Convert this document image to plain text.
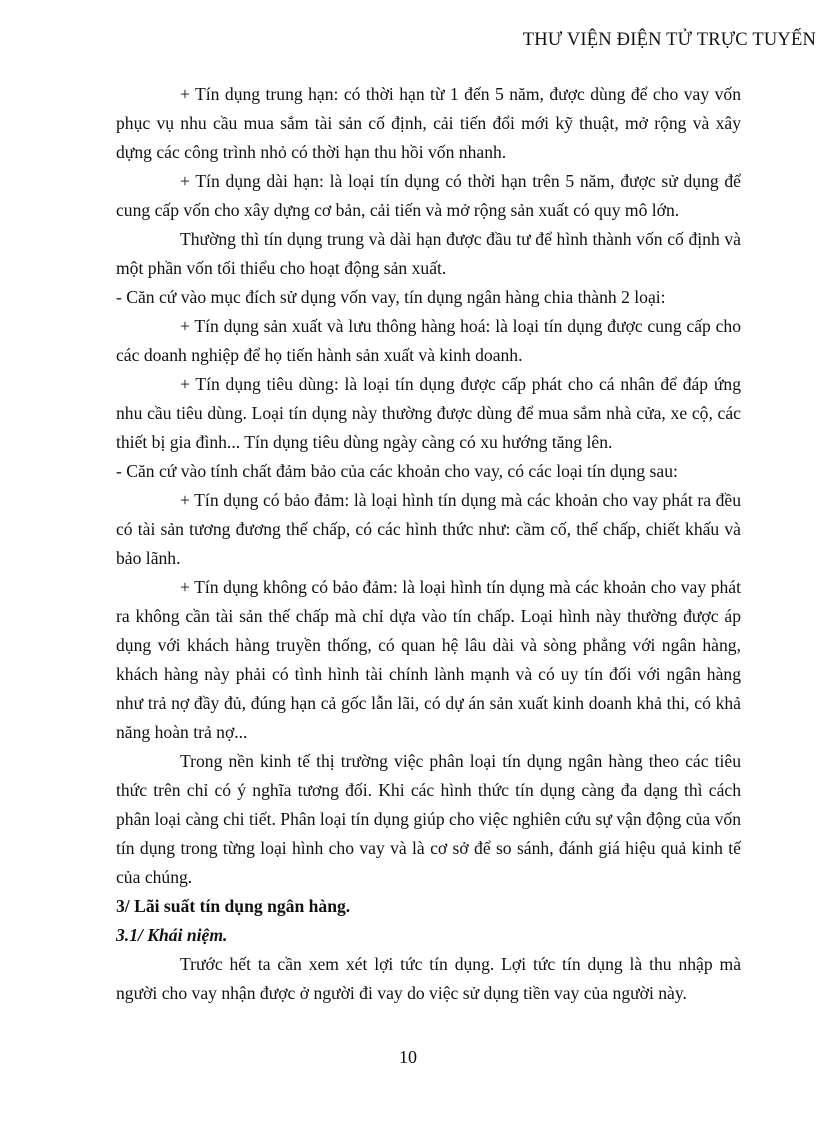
THƯ VIỆN ĐIỆN TỬ TRỰC TUYẾN

+ Tín dụng trung hạn: có thời hạn từ 1 đến 5 năm, được dùng để cho vay vốn phục vụ nhu cầu mua sắm tài sản cố định, cải tiến đổi mới kỹ thuật, mở rộng và xây dựng các công trình nhỏ có thời hạn thu hồi vốn nhanh.

+ Tín dụng dài hạn: là loại tín dụng có thời hạn trên 5 năm, được sử dụng để cung cấp vốn cho xây dựng cơ bản, cải tiến và mở rộng sản xuất có quy mô lớn.

Thường thì tín dụng trung và dài hạn được đầu tư để hình thành vốn cố định và một phần vốn tối thiểu cho hoạt động sản xuất.

- Căn cứ vào mục đích sử dụng vốn vay, tín dụng ngân hàng chia thành 2 loại:

+ Tín dụng sản xuất và lưu thông hàng hoá: là loại tín dụng được cung cấp cho các doanh nghiệp để họ tiến hành sản xuất và kinh doanh.

+ Tín dụng tiêu dùng: là loại tín dụng được cấp phát cho cá nhân để đáp ứng nhu cầu tiêu dùng. Loại tín dụng này thường được dùng để mua sắm nhà cửa, xe cộ, các thiết bị gia đình... Tín dụng tiêu dùng ngày càng có xu hướng tăng lên.

- Căn cứ vào tính chất đảm bảo của các khoản cho vay, có các loại tín dụng sau:

+ Tín dụng có bảo đảm: là loại hình tín dụng mà các khoản cho vay phát ra đều có tài sản tương đương thế chấp, có các hình thức như: cầm cố, thế chấp, chiết khấu và bảo lãnh.

+ Tín dụng không có bảo đảm: là loại hình tín dụng mà các khoản cho vay phát ra không cần tài sản thế chấp mà chỉ dựa vào tín chấp. Loại hình này thường được áp dụng với khách hàng truyền thống, có quan hệ lâu dài và sòng phẳng với ngân hàng, khách hàng này phải có tình hình tài chính lành mạnh và có uy tín đối với ngân hàng như trả nợ đầy đủ, đúng hạn cả gốc lẫn lãi, có dự án sản xuất kinh doanh khả thi, có khả năng hoàn trả nợ...

Trong nền kinh tế thị trường việc phân loại tín dụng ngân hàng theo các tiêu thức trên chỉ có ý nghĩa tương đối. Khi các hình thức tín dụng càng đa dạng thì cách phân loại càng chi tiết. Phân loại tín dụng giúp cho việc nghiên cứu sự vận động của vốn tín dụng trong từng loại hình cho vay và là cơ sở để so sánh, đánh giá hiệu quả kinh tế của chúng.

3/ Lãi suất tín dụng ngân hàng.

3.1/ Khái niệm.

Trước hết ta cần xem xét lợi tức tín dụng. Lợi tức tín dụng là thu nhập mà người cho vay nhận được ở người đi vay do việc sử dụng tiền vay của người này.

10
